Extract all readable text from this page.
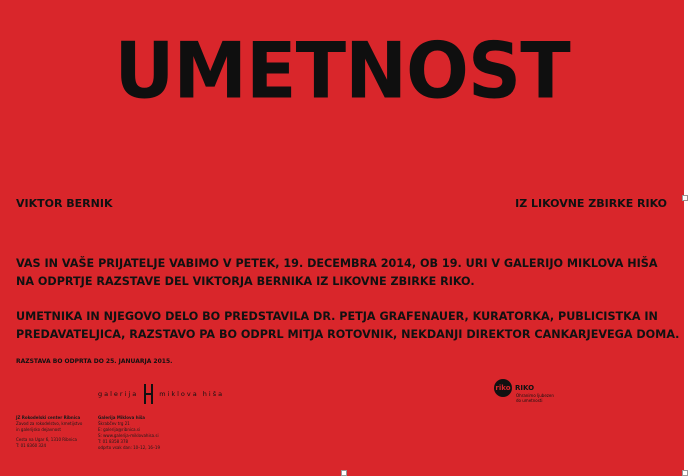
UMETNOST
VIKTOR BERNIK	IZ LIKOVNE ZBIRKE RIKO
VAS IN VAŠE PRIJATELJE VABIMO V PETEK, 19. DECEMBRA 2014, OB 19. URI V GALERIJO MIKLOVA HIŠA
NA ODPRTJE RAZSTAVE DEL VIKTORJA BERNIKA IZ LIKOVNE ZBIRKE RIKO.
UMETNIKA IN NJEGOVO DELO BO PREDSTAVILA DR. PETJA GRAFENAUER, KURATORKA, PUBLICISTKA IN
PREDAVATELJICA, RAZSTAVO PA BO ODPRL MITJA ROTOVNIK, NEKDANJI DIREKTOR CANKARJEVEGA DOMA.
RAZSTAVA BO ODPRTA DO 25. JANUARJA 2015.
galerija	miklova hiša
JZ Rokodelski center Ribnica
Zavod za rokodelstvo, kmetijstvo
in galerijsko dejavnost
Cesta na Ugar 6, 1310 Ribnica
T: 01 8360 324
Galerija Miklova hiša
Škrabčev trg 21
E: galerija@ribnica.si
S: www.galerija-miklovahisa.si
T: 01 8358 378
odprto vsak dan: 10–12, 16–19
riko RIKO
Ohranimo ljubezen
do umetnosti
